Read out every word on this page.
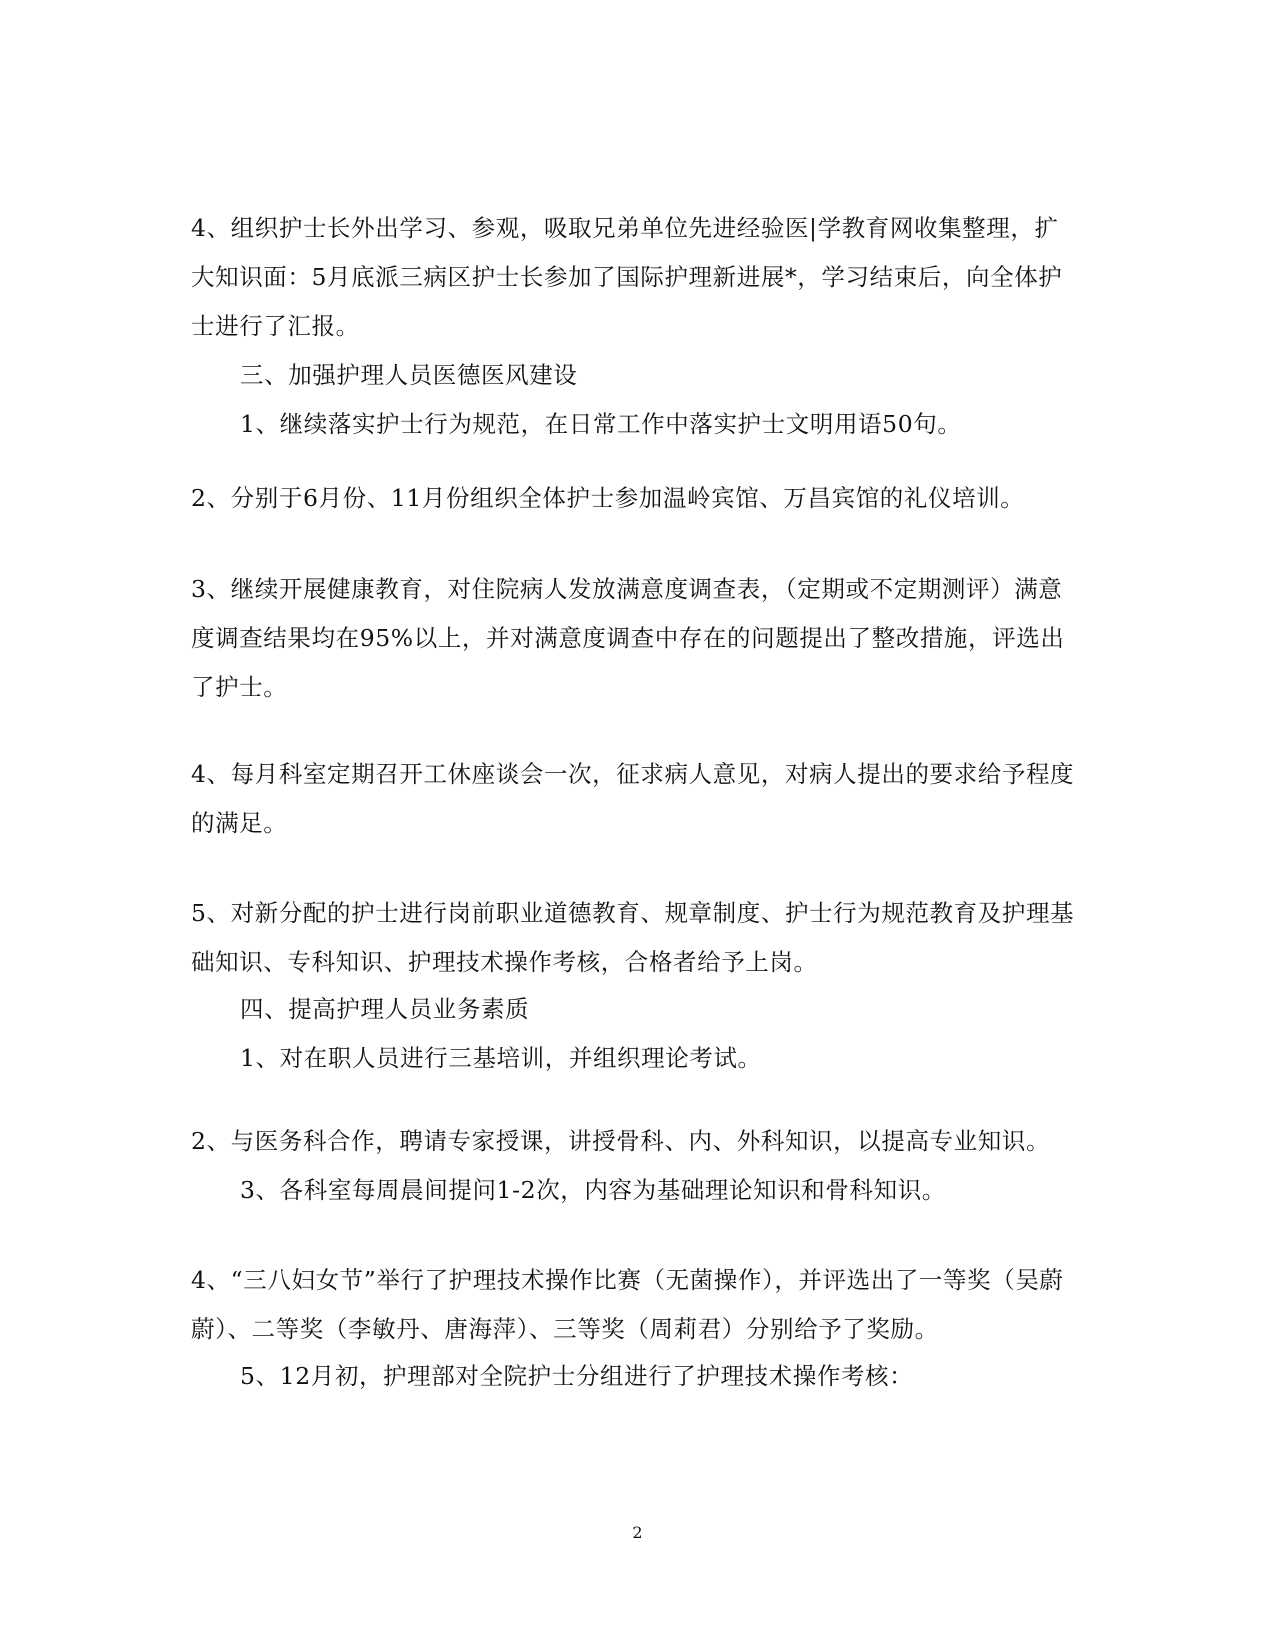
4、组织护士长外出学习、参观，吸取兄弟单位先进经验医|学教育网收集整理，扩大知识面：5月底派三病区护士长参加了国际护理新进展*，学习结束后，向全体护士进行了汇报。

三、加强护理人员医德医风建设

1、继续落实护士行为规范，在日常工作中落实护士文明用语50句。

2、分别于6月份、11月份组织全体护士参加温岭宾馆、万昌宾馆的礼仪培训。

3、继续开展健康教育，对住院病人发放满意度调查表，（定期或不定期测评）满意度调查结果均在95%以上，并对满意度调查中存在的问题提出了整改措施，评选出了护士。

4、每月科室定期召开工休座谈会一次，征求病人意见，对病人提出的要求给予程度的满足。

5、对新分配的护士进行岗前职业道德教育、规章制度、护士行为规范教育及护理基础知识、专科知识、护理技术操作考核，合格者给予上岗。

四、提高护理人员业务素质

1、对在职人员进行三基培训，并组织理论考试。

2、与医务科合作，聘请专家授课，讲授骨科、内、外科知识，以提高专业知识。

3、各科室每周晨间提问1-2次，内容为基础理论知识和骨科知识。

4、“三八妇女节”举行了护理技术操作比赛（无菌操作），并评选出了一等奖（吴蔚蔚）、二等奖（李敏丹、唐海萍）、三等奖（周莉君）分别给予了奖励。

5、12月初，护理部对全院护士分组进行了护理技术操作考核：

2
